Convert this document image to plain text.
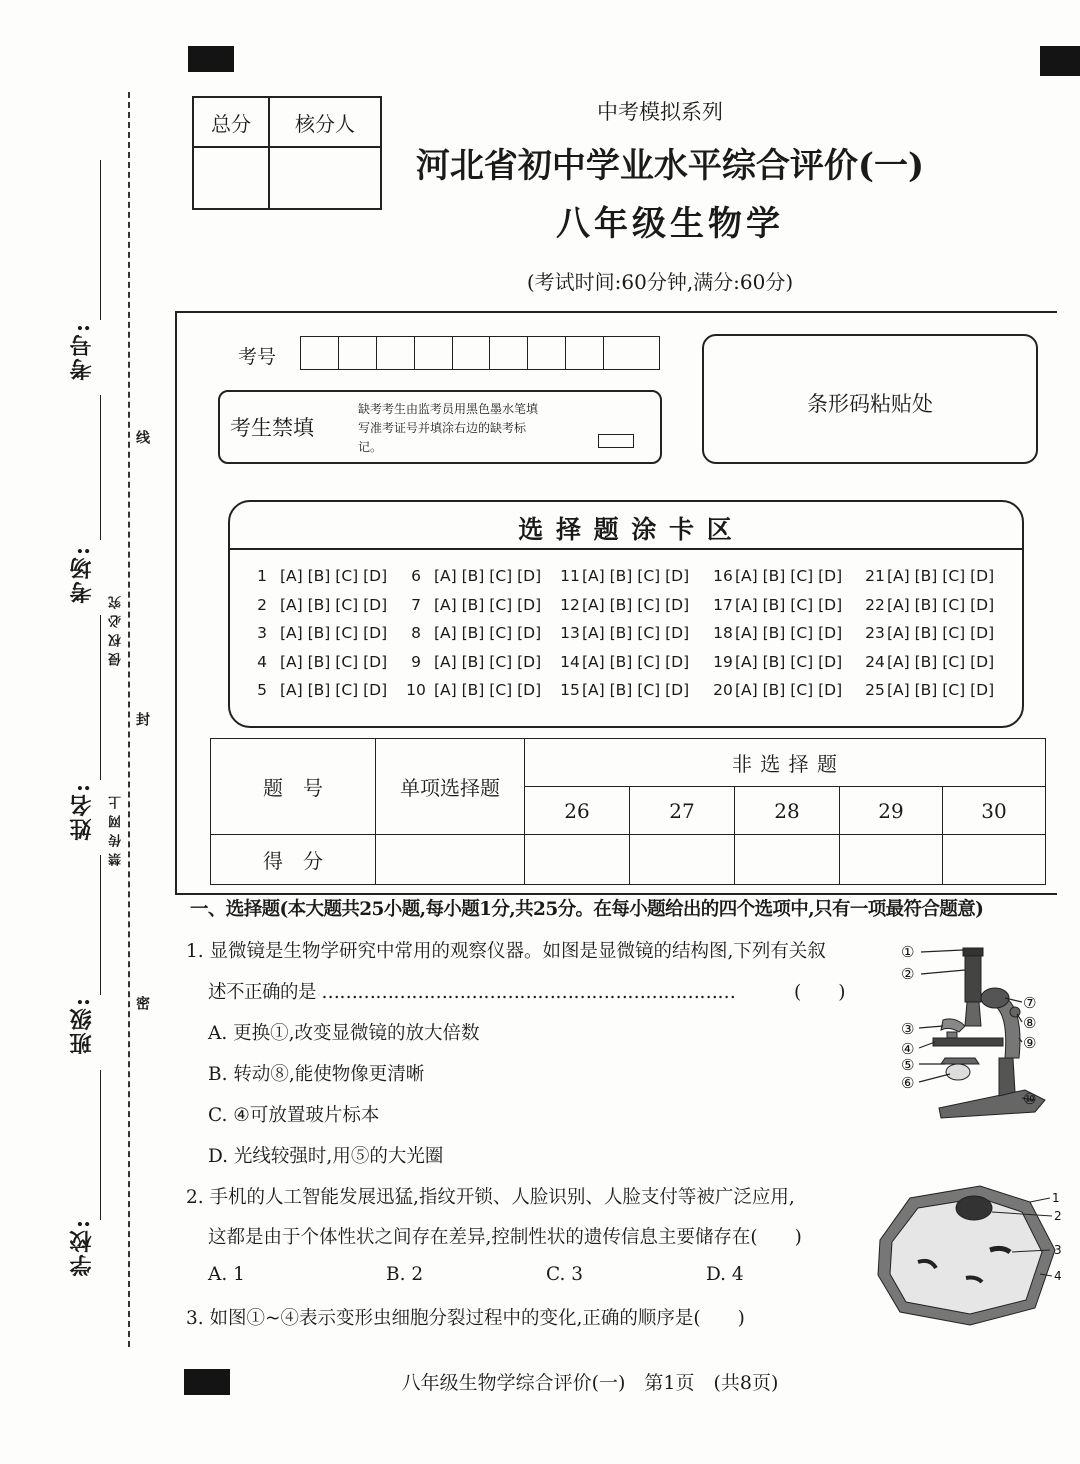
考号:
考场:
姓名:
班级:
学校:
线
封
密
侵权必究
禁传网上
总分	核分人
		中考模拟系列
河北省初中学业水平综合评价(一)
八年级生物学
(考试时间:60分钟,满分:60分)
考号
考生禁填
缺考考生由监考员用黑色墨水笔填写准考证号并填涂右边的缺考标记。
条形码粘贴处
选 择 题 涂 卡 区
1 [A] [B] [C] [D]	6 [A] [B] [C] [D] 11 [A] [B] [C] [D] 16 [A] [B] [C] [D] 21 [A] [B] [C] [D]
2 [A] [B] [C] [D]	7 [A] [B] [C] [D] 12 [A] [B] [C] [D] 17 [A] [B] [C] [D] 22 [A] [B] [C] [D]
3 [A] [B] [C] [D]	8 [A] [B] [C] [D] 13 [A] [B] [C] [D] 18 [A] [B] [C] [D] 23 [A] [B] [C] [D]
4 [A] [B] [C] [D]	9 [A] [B] [C] [D] 14 [A] [B] [C] [D] 19 [A] [B] [C] [D] 24 [A] [B] [C] [D]
5 [A] [B] [C] [D] 10 [A] [B] [C] [D] 15 [A] [B] [C] [D] 20 [A] [B] [C] [D] 25 [A] [B] [C] [D]
题　号	单项选择题	非 选 择 题				
		26	27	28	29	30
得　分						
一、选择题(本大题共25小题,每小题1分,共25分。在每小题给出的四个选项中,只有一项最符合题意)
1. 显微镜是生物学研究中常用的观察仪器。如图是显微镜的结构图,下列有关叙
述不正确的是 ……………………………………………………………	(　　)
A. 更换①,改变显微镜的放大倍数
B. 转动⑧,能使物像更清晰
C. ④可放置玻片标本
D. 光线较强时,用⑤的大光圈
①
②
③
④
⑤
⑥
⑦
⑧
⑨
⑩
2. 手机的人工智能发展迅猛,指纹开锁、人脸识别、人脸支付等被广泛应用,
这都是由于个体性状之间存在差异,控制性状的遗传信息主要储存在(　　)
A. 1	B. 2	C. 3	D. 4
1
2
3
4
3. 如图①~④表示变形虫细胞分裂过程中的变化,正确的顺序是(　　)
八年级生物学综合评价(一)　第1页　(共8页)
